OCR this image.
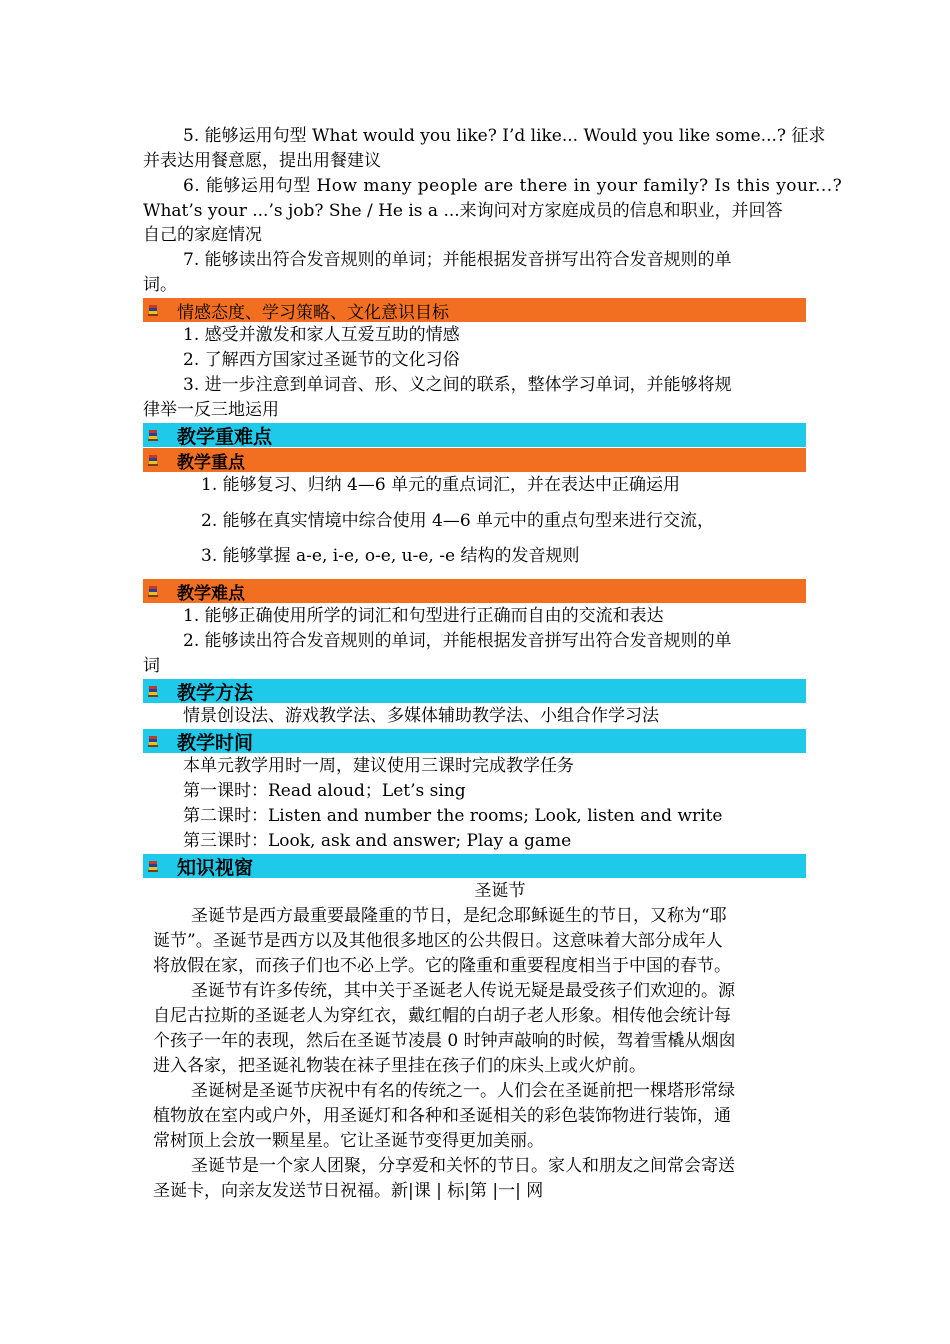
5. 能够运用句型 What would you like? I’d like... Would you like some...? 征求
并表达用餐意愿，提出用餐建议
6. 能够运用句型 How many people are there in your family? Is this your...?
What’s your ...’s job? She / He is a ...来询问对方家庭成员的信息和职业，并回答
自己的家庭情况
7. 能够读出符合发音规则的单词；并能根据发音拼写出符合发音规则的单
词。
情感态度、学习策略、文化意识目标
1. 感受并激发和家人互爱互助的情感
2. 了解西方国家过圣诞节的文化习俗
3. 进一步注意到单词音、形、义之间的联系，整体学习单词，并能够将规
律举一反三地运用
教学重难点
教学重点
1. 能够复习、归纳 4—6 单元的重点词汇，并在表达中正确运用
2. 能够在真实情境中综合使用 4—6 单元中的重点句型来进行交流，
3. 能够掌握 a-e, i-e, o-e, u-e, -e 结构的发音规则
教学难点
1. 能够正确使用所学的词汇和句型进行正确而自由的交流和表达
2. 能够读出符合发音规则的单词，并能根据发音拼写出符合发音规则的单
词
教学方法
情景创设法、游戏教学法、多媒体辅助教学法、小组合作学习法
教学时间
本单元教学用时一周，建议使用三课时完成教学任务
第一课时：Read aloud；Let’s sing
第二课时：Listen and number the rooms; Look, listen and write
第三课时：Look, ask and answer; Play a game
知识视窗
圣诞节
圣诞节是西方最重要最隆重的节日，是纪念耶稣诞生的节日，又称为“耶
诞节”。圣诞节是西方以及其他很多地区的公共假日。这意味着大部分成年人
将放假在家，而孩子们也不必上学。它的隆重和重要程度相当于中国的春节。
圣诞节有许多传统，其中关于圣诞老人传说无疑是最受孩子们欢迎的。源
自尼古拉斯的圣诞老人为穿红衣，戴红帽的白胡子老人形象。相传他会统计每
个孩子一年的表现，然后在圣诞节凌晨 0 时钟声敲响的时候，驾着雪橇从烟囱
进入各家，把圣诞礼物装在袜子里挂在孩子们的床头上或火炉前。
圣诞树是圣诞节庆祝中有名的传统之一。人们会在圣诞前把一棵塔形常绿
植物放在室内或户外，用圣诞灯和各种和圣诞相关的彩色装饰物进行装饰，通
常树顶上会放一颗星星。它让圣诞节变得更加美丽。
圣诞节是一个家人团聚，分享爱和关怀的节日。家人和朋友之间常会寄送
圣诞卡，向亲友发送节日祝福。新|课 | 标|第 |一| 网
